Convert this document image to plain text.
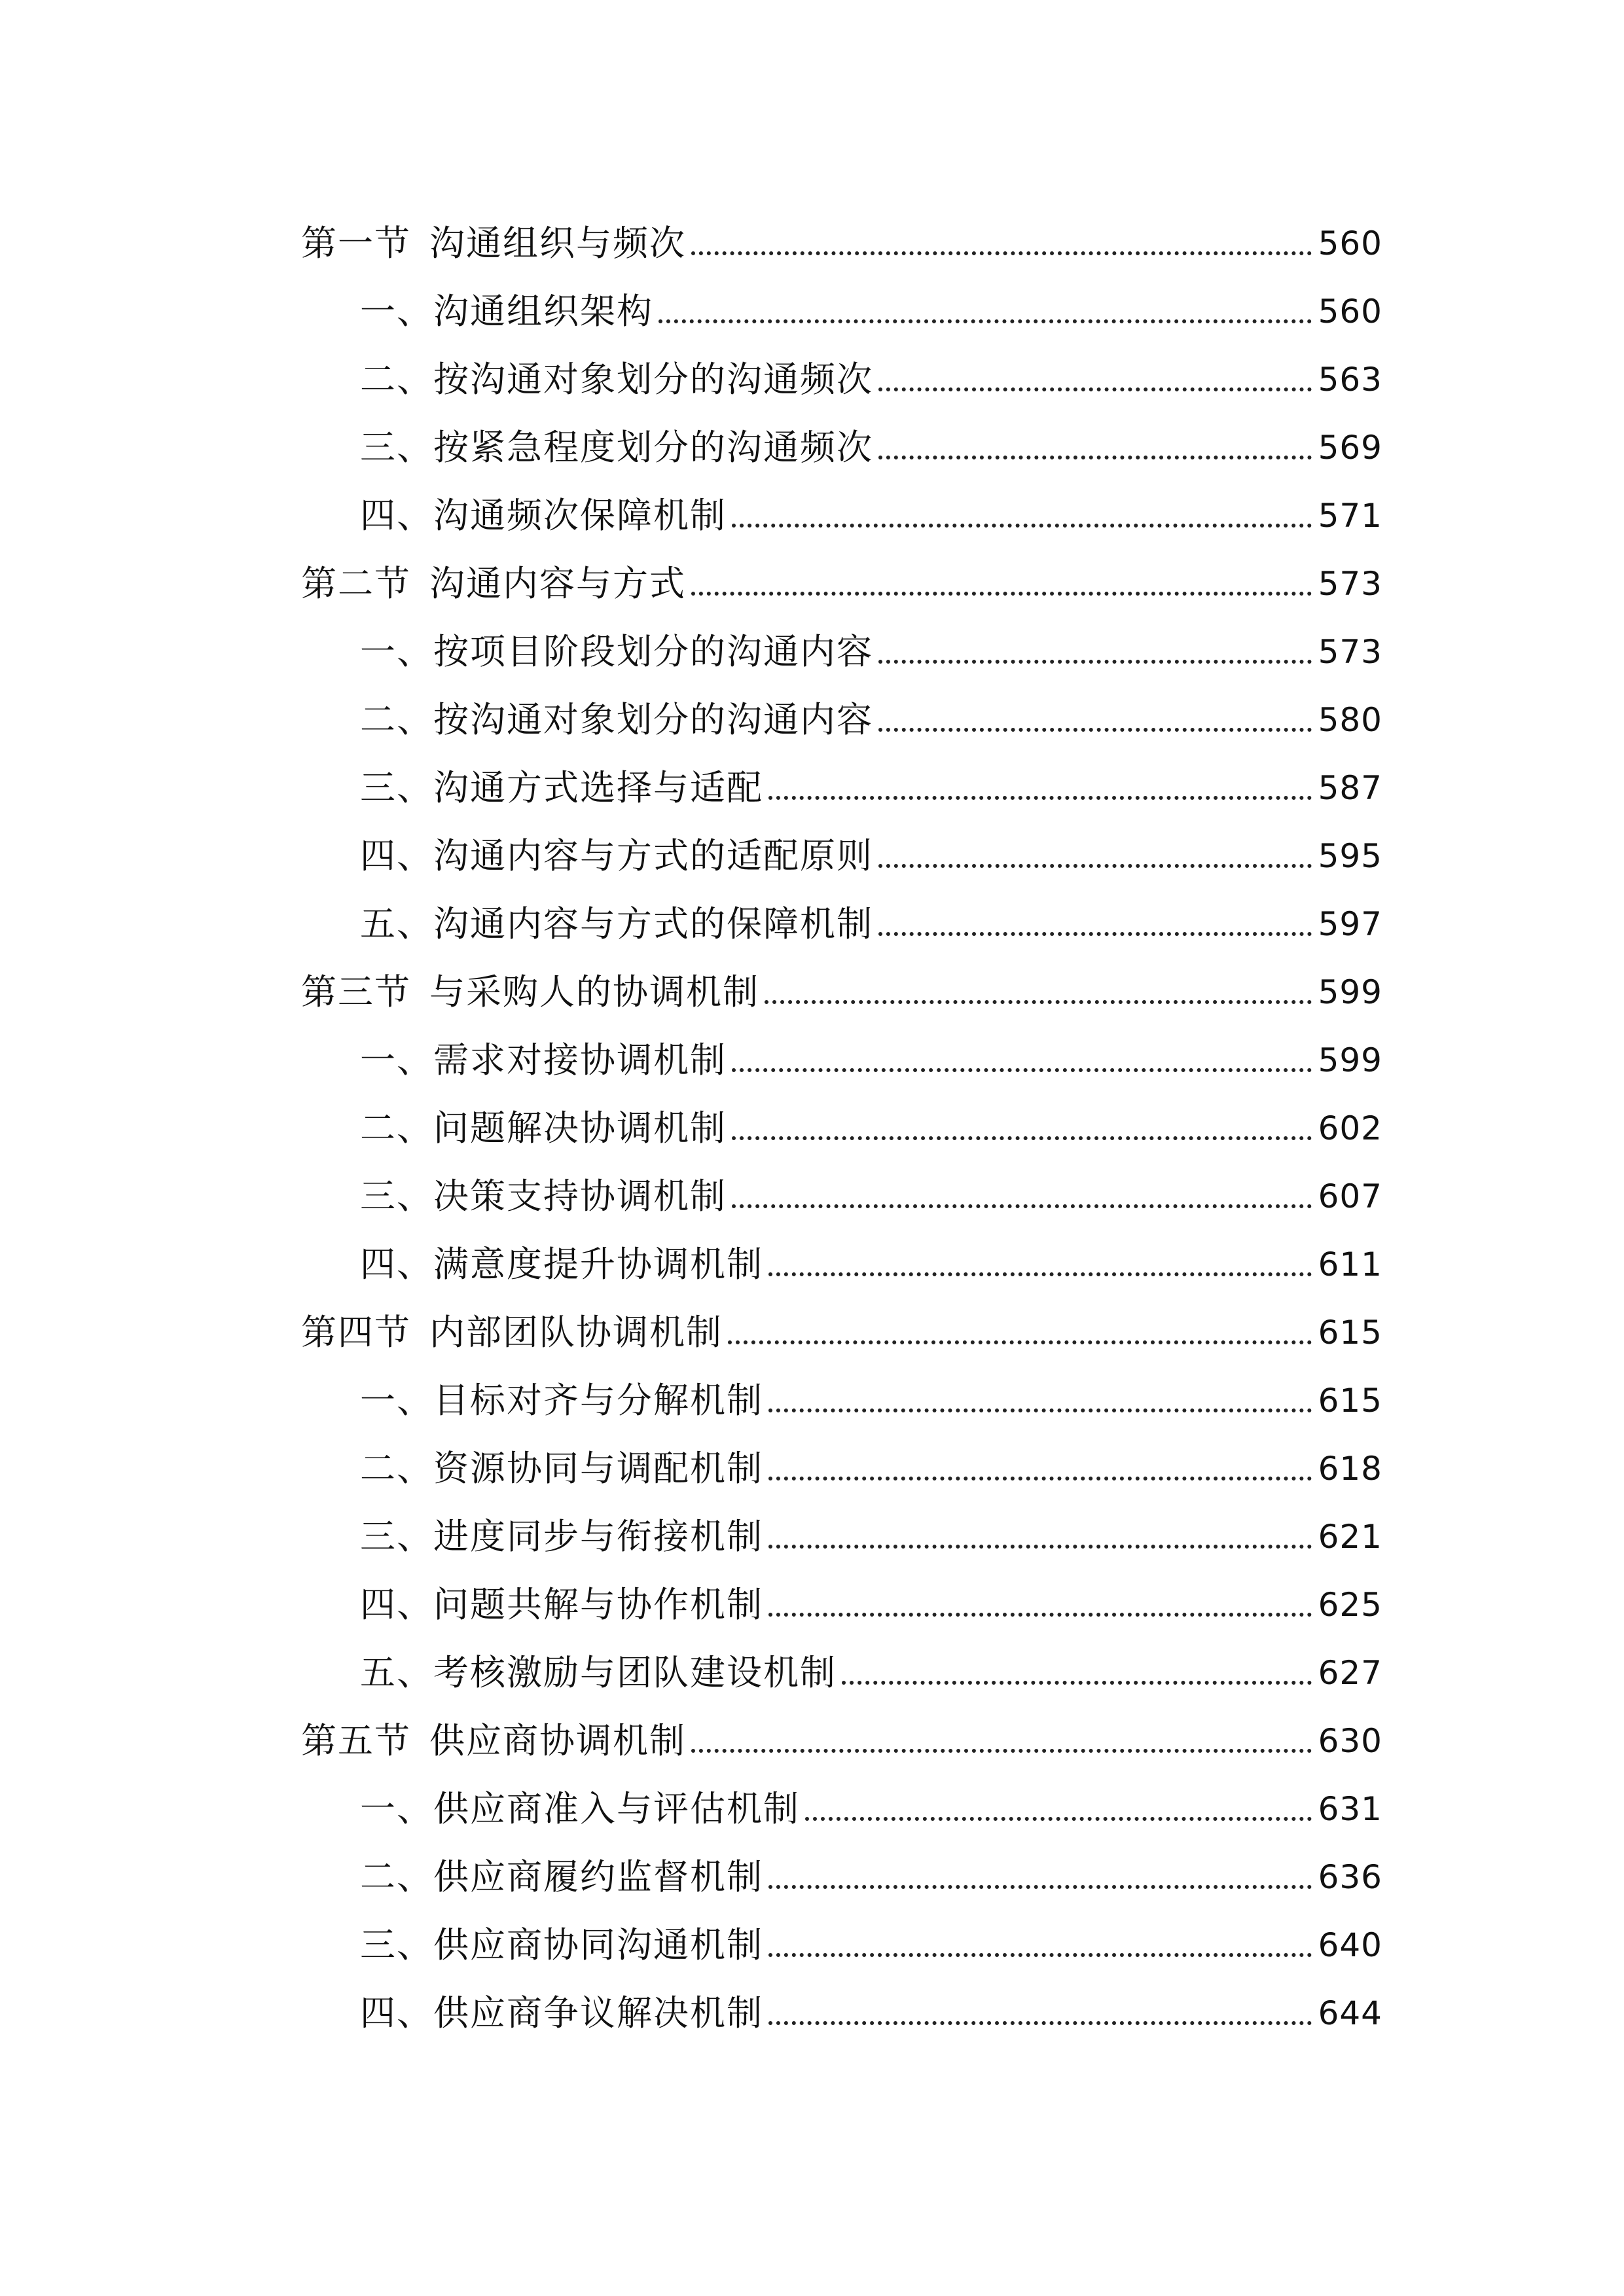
第一节 沟通组织与频次	560
一、沟通组织架构	560
二、按沟通对象划分的沟通频次	563
三、按紧急程度划分的沟通频次	569
四、沟通频次保障机制	571
第二节 沟通内容与方式	573
一、按项目阶段划分的沟通内容	573
二、按沟通对象划分的沟通内容	580
三、沟通方式选择与适配	587
四、沟通内容与方式的适配原则	595
五、沟通内容与方式的保障机制	597
第三节 与采购人的协调机制	599
一、需求对接协调机制	599
二、问题解决协调机制	602
三、决策支持协调机制	607
四、满意度提升协调机制	611
第四节 内部团队协调机制	615
一、目标对齐与分解机制	615
二、资源协同与调配机制	618
三、进度同步与衔接机制	621
四、问题共解与协作机制	625
五、考核激励与团队建设机制	627
第五节 供应商协调机制	630
一、供应商准入与评估机制	631
二、供应商履约监督机制	636
三、供应商协同沟通机制	640
四、供应商争议解决机制	644
